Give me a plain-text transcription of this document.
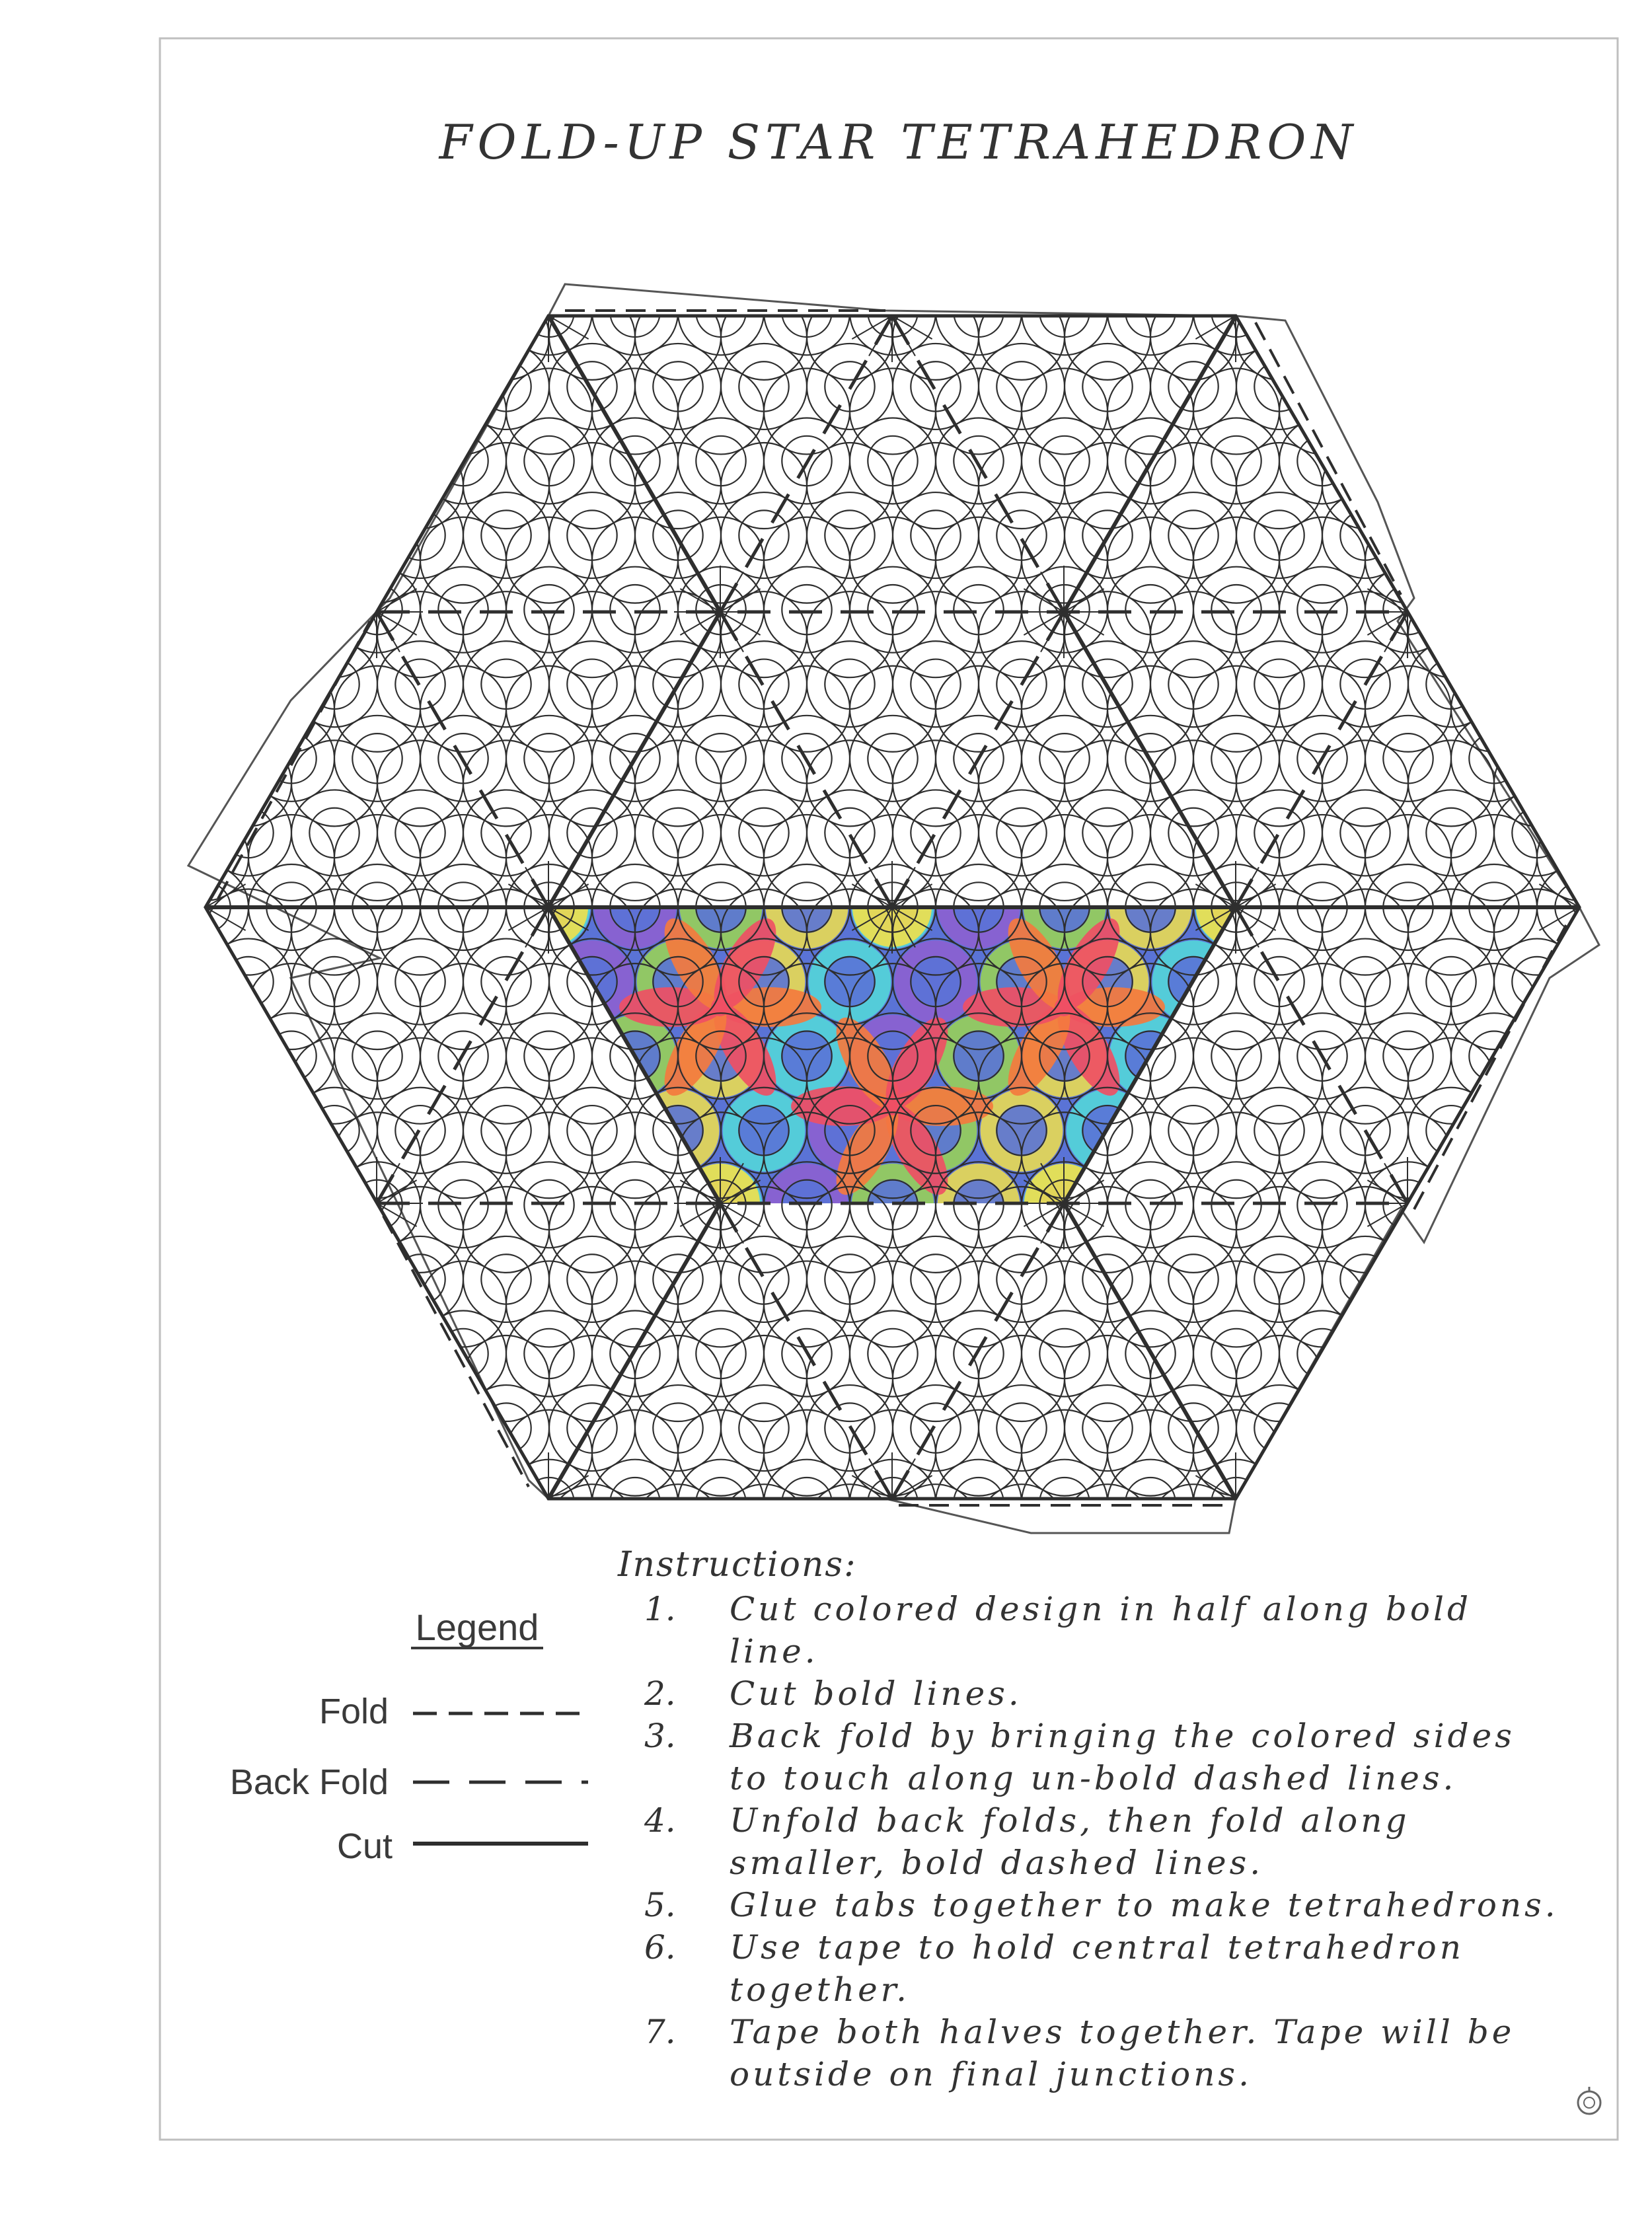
FOLD-UP STAR TETRAHEDRON
Legend
Fold
Back Fold
Cut
Instructions:
1. Cut colored design in half along bold
line.
2. Cut bold lines.
3. Back fold by bringing the colored sides
to touch along un-bold dashed lines.
4. Unfold back folds, then fold along
smaller, bold dashed lines.
5. Glue tabs together to make tetrahedrons.
6. Use tape to hold central tetrahedron
together.
7. Tape both halves together. Tape will be
outside on final junctions.
